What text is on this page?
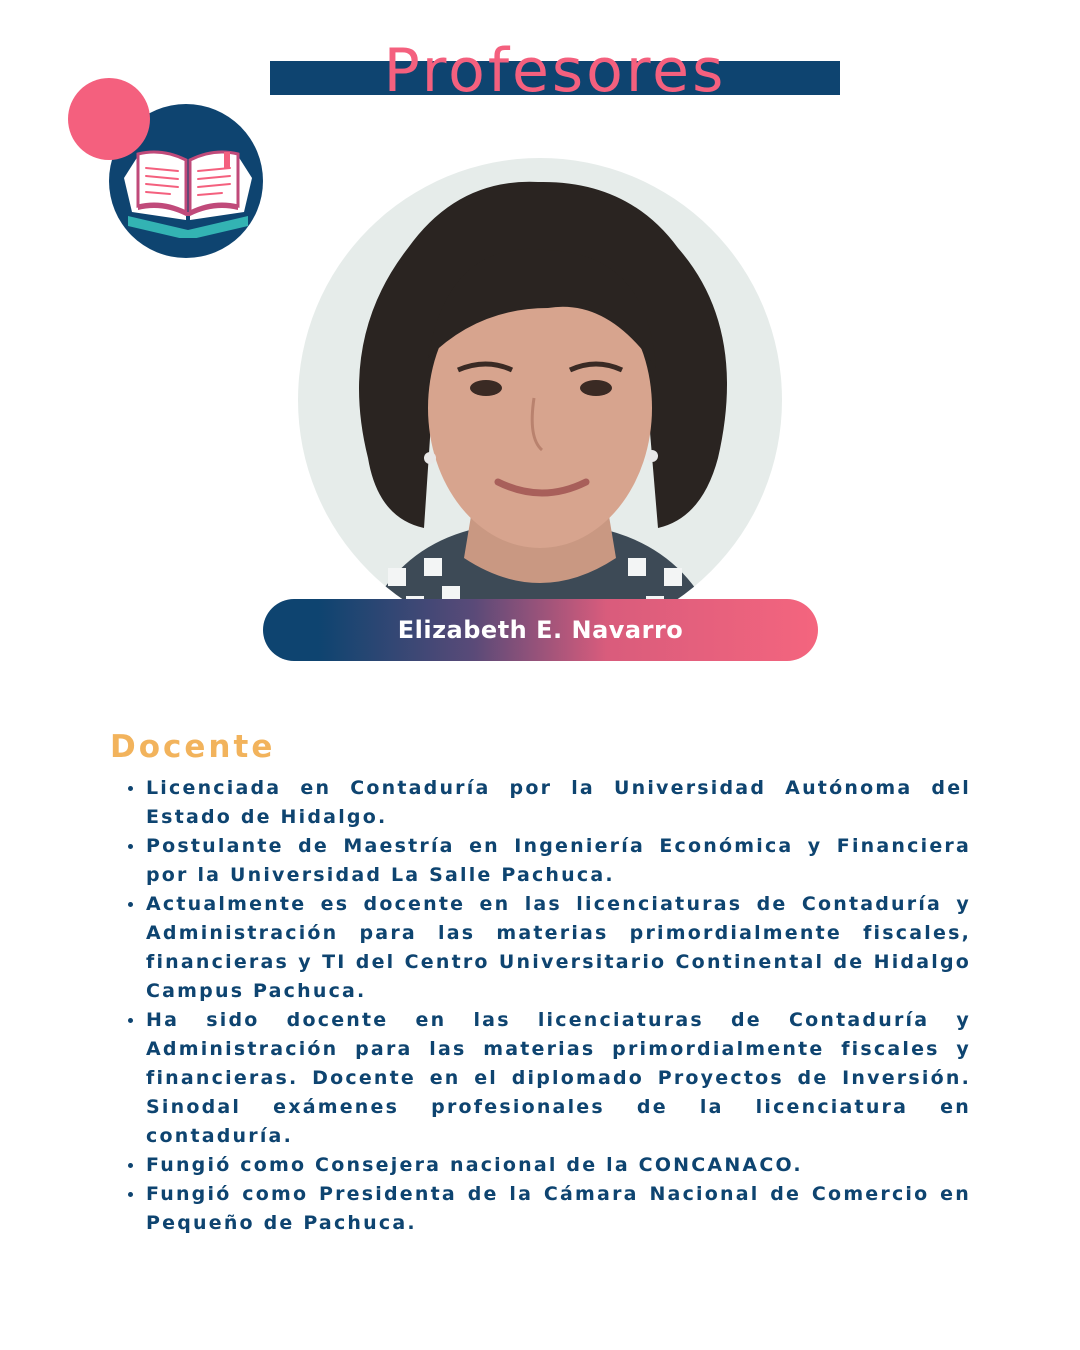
Profesores
Elizabeth E. Navarro
Docente
Licenciada en Contaduría por la Universidad Autónoma del Estado de Hidalgo.
Postulante de Maestría en Ingeniería Económica y Financiera por la Universidad La Salle Pachuca.
Actualmente es docente en las licenciaturas de Contaduría y Administración para las materias primordialmente fiscales, financieras y TI del Centro Universitario Continental de Hidalgo Campus Pachuca.
Ha sido docente en las licenciaturas de Contaduría y Administración para las materias primordialmente fiscales y financieras. Docente en el diplomado Proyectos de Inversión. Sinodal exámenes profesionales de la licenciatura en contaduría.
Fungió como Consejera nacional de la CONCANACO.
Fungió como Presidenta de la Cámara Nacional de Comercio en Pequeño de Pachuca.
